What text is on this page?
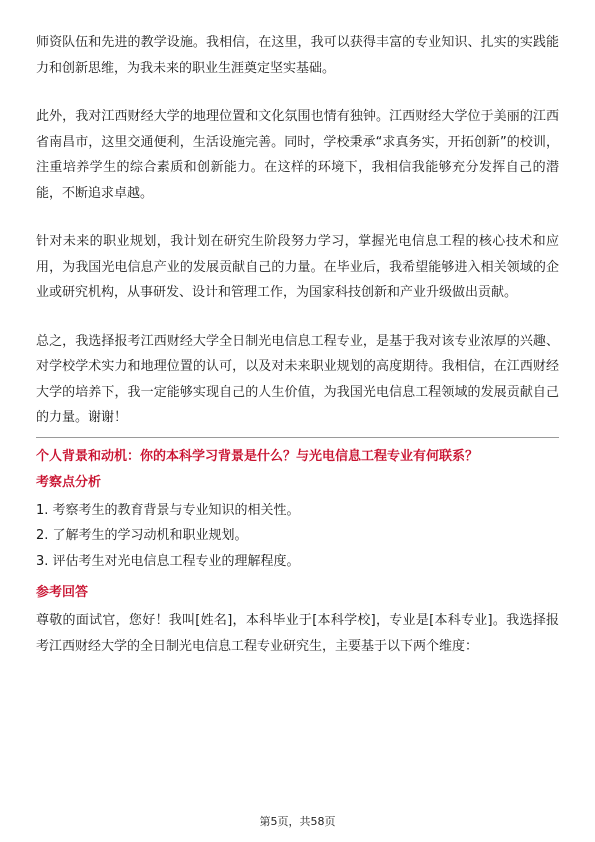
师资队伍和先进的教学设施。我相信，在这里，我可以获得丰富的专业知识、扎实的实践能力和创新思维，为我未来的职业生涯奠定坚实基础。

此外，我对江西财经大学的地理位置和文化氛围也情有独钟。江西财经大学位于美丽的江西省南昌市，这里交通便利，生活设施完善。同时，学校秉承“求真务实，开拓创新”的校训，注重培养学生的综合素质和创新能力。在这样的环境下，我相信我能够充分发挥自己的潜能，不断追求卓越。

针对未来的职业规划，我计划在研究生阶段努力学习，掌握光电信息工程的核心技术和应用，为我国光电信息产业的发展贡献自己的力量。在毕业后，我希望能够进入相关领域的企业或研究机构，从事研发、设计和管理工作，为国家科技创新和产业升级做出贡献。

总之，我选择报考江西财经大学全日制光电信息工程专业，是基于我对该专业浓厚的兴趣、对学校学术实力和地理位置的认可，以及对未来职业规划的高度期待。我相信，在江西财经大学的培养下，我一定能够实现自己的人生价值，为我国光电信息工程领域的发展贡献自己的力量。谢谢！

个人背景和动机：你的本科学习背景是什么？与光电信息工程专业有何联系？
考察点分析
1. 考察考生的教育背景与专业知识的相关性。
2. 了解考生的学习动机和职业规划。
3. 评估考生对光电信息工程专业的理解程度。
参考回答

尊敬的面试官，您好！我叫[姓名]，本科毕业于[本科学校]，专业是[本科专业]。我选择报考江西财经大学的全日制光电信息工程专业研究生，主要基于以下两个维度：

第5页，共58页
